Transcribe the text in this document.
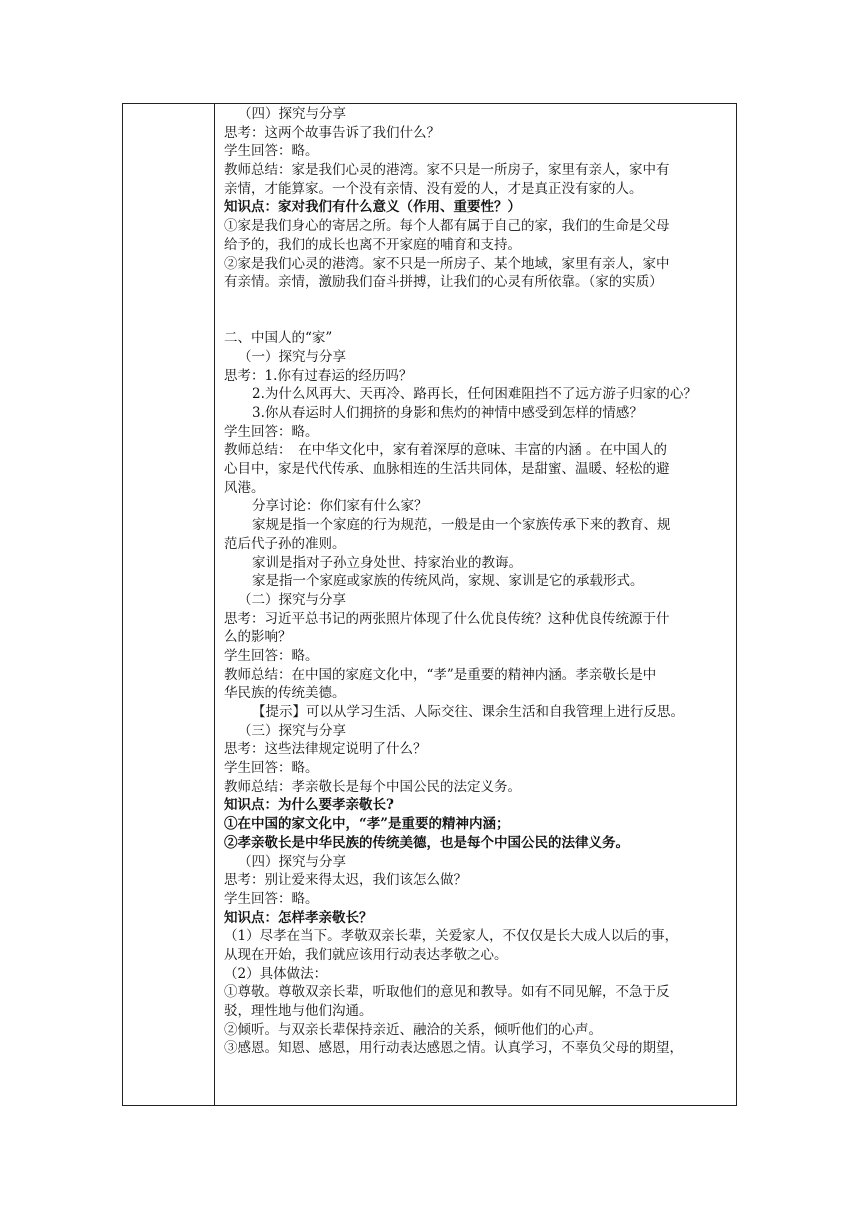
（四）探究与分享
思考：这两个故事告诉了我们什么？
学生回答：略。
教师总结：家是我们心灵的港湾。家不只是一所房子，家里有亲人，家中有
亲情，才能算家。一个没有亲情、没有爱的人，才是真正没有家的人。
知识点：家对我们有什么意义（作用、重要性？）
①家是我们身心的寄居之所。每个人都有属于自己的家，我们的生命是父母
给予的，我们的成长也离不开家庭的哺育和支持。
②家是我们心灵的港湾。家不只是一所房子、某个地域，家里有亲人，家中
有亲情。亲情，激励我们奋斗拼搏，让我们的心灵有所依靠。（家的实质）
二、中国人的“家”
（一）探究与分享
思考：1.你有过春运的经历吗？
2.为什么风再大、天再冷、路再长，任何困难阻挡不了远方游子归家的心？
3.你从春运时人们拥挤的身影和焦灼的神情中感受到怎样的情感？
学生回答：略。
教师总结：　在中华文化中，家有着深厚的意味、丰富的内涵 。在中国人的
心目中，家是代代传承、血脉相连的生活共同体，是甜蜜、温暖、轻松的避
风港。
分享讨论：你们家有什么家？
家规是指一个家庭的行为规范，一般是由一个家族传承下来的教育、规
范后代子孙的准则。
家训是指对子孙立身处世、持家治业的教诲。
家是指一个家庭或家族的传统风尚，家规、家训是它的承载形式。
（二）探究与分享
思考：习近平总书记的两张照片体现了什么优良传统？这种优良传统源于什
么的影响？
学生回答：略。
教师总结：在中国的家庭文化中，“孝”是重要的精神内涵。孝亲敬长是中
华民族的传统美德。
【提示】可以从学习生活、人际交往、课余生活和自我管理上进行反思。
（三）探究与分享
思考：这些法律规定说明了什么？
学生回答：略。
教师总结：孝亲敬长是每个中国公民的法定义务。
知识点：为什么要孝亲敬长?
①在中国的家文化中，“孝”是重要的精神内涵；
②孝亲敬长是中华民族的传统美德，也是每个中国公民的法律义务。
（四）探究与分享
思考：别让爱来得太迟，我们该怎么做？
学生回答：略。
知识点：怎样孝亲敬长？
（1）尽孝在当下。孝敬双亲长辈，关爱家人，不仅仅是长大成人以后的事，
从现在开始，我们就应该用行动表达孝敬之心。
（2）具体做法：
①尊敬。尊敬双亲长辈，听取他们的意见和教导。如有不同见解，不急于反
驳，理性地与他们沟通。
②倾听。与双亲长辈保持亲近、融洽的关系，倾听他们的心声。
③感恩。知恩、感恩，用行动表达感恩之情。认真学习，不辜负父母的期望，
